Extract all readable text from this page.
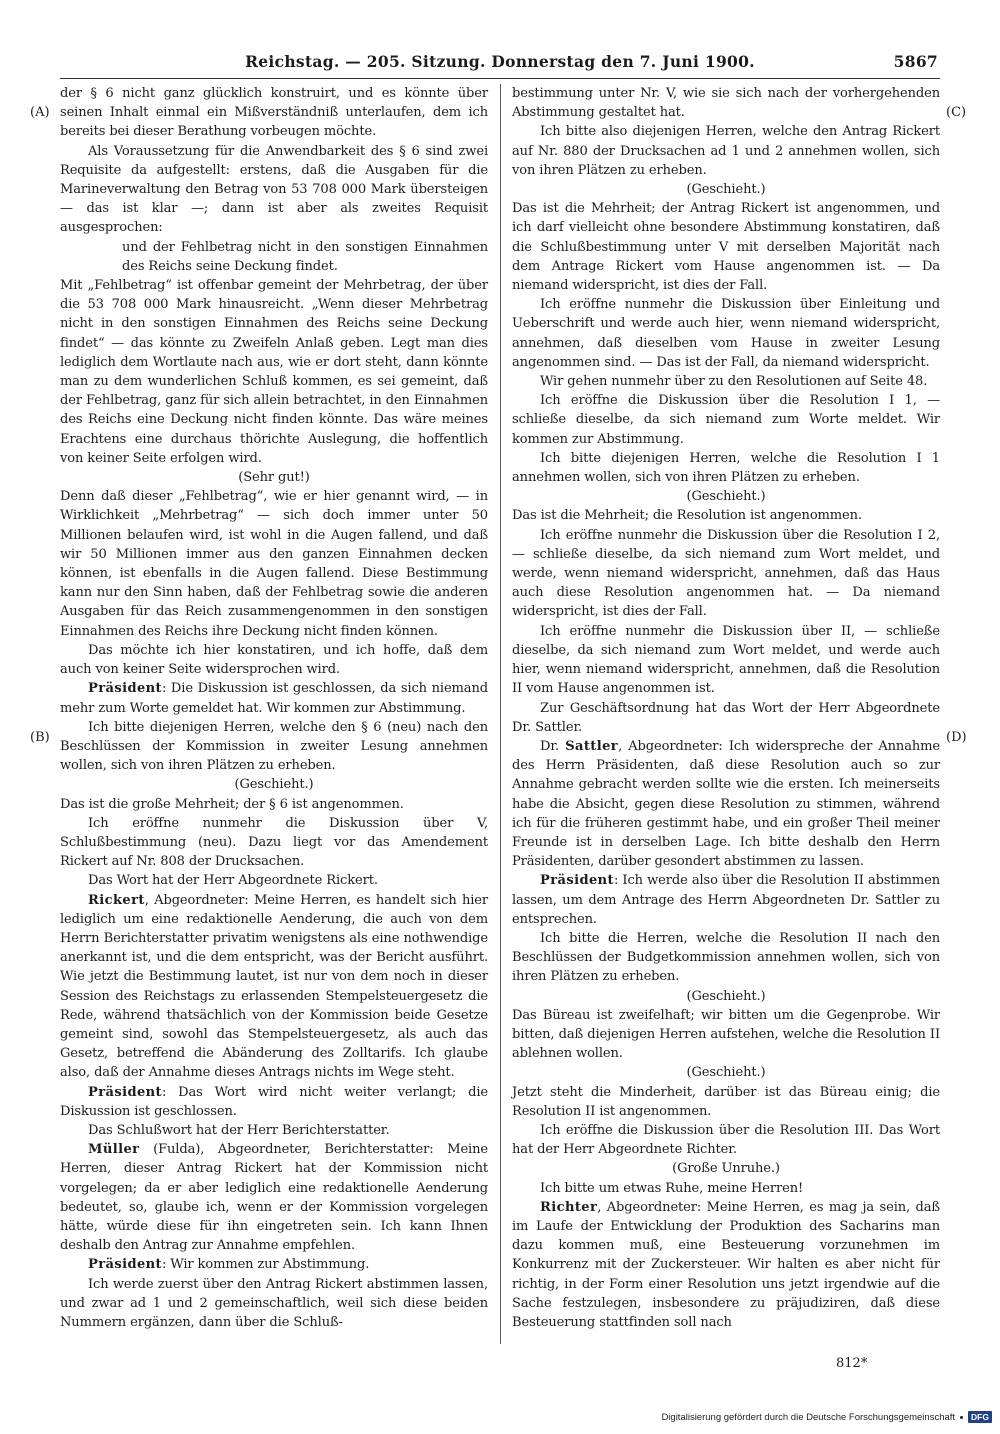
Reichstag. — 205. Sitzung. Donnerstag den 7. Juni 1900.	5867
(A)
(B)
(C)
(D)

der § 6 nicht ganz glücklich konstruirt, und es könnte über seinen Inhalt einmal ein Mißverständniß unterlaufen, dem ich bereits bei dieser Berathung vorbeugen möchte.

Als Voraussetzung für die Anwendbarkeit des § 6 sind zwei Requisite da aufgestellt: erstens, daß die Ausgaben für die Marineverwaltung den Betrag von 53 708 000 Mark übersteigen — das ist klar —; dann ist aber als zweites Requisit ausgesprochen:

und der Fehlbetrag nicht in den sonstigen Einnahmen des Reichs seine Deckung findet.

Mit „Fehlbetrag“ ist offenbar gemeint der Mehrbetrag, der über die 53 708 000 Mark hinausreicht. „Wenn dieser Mehrbetrag nicht in den sonstigen Einnahmen des Reichs seine Deckung findet“ — das könnte zu Zweifeln Anlaß geben. Legt man dies lediglich dem Wortlaute nach aus, wie er dort steht, dann könnte man zu dem wunderlichen Schluß kommen, es sei gemeint, daß der Fehlbetrag, ganz für sich allein betrachtet, in den Einnahmen des Reichs eine Deckung nicht finden könnte. Das wäre meines Erachtens eine durchaus thörichte Auslegung, die hoffentlich von keiner Seite erfolgen wird.

(Sehr gut!)

Denn daß dieser „Fehlbetrag“, wie er hier genannt wird, — in Wirklichkeit „Mehrbetrag“ — sich doch immer unter 50 Millionen belaufen wird, ist wohl in die Augen fallend, und daß wir 50 Millionen immer aus den ganzen Einnahmen decken können, ist ebenfalls in die Augen fallend. Diese Bestimmung kann nur den Sinn haben, daß der Fehlbetrag sowie die anderen Ausgaben für das Reich zusammengenommen in den sonstigen Einnahmen des Reichs ihre Deckung nicht finden können.

Das möchte ich hier konstatiren, und ich hoffe, daß dem auch von keiner Seite widersprochen wird.

Präsident: Die Diskussion ist geschlossen, da sich niemand mehr zum Worte gemeldet hat. Wir kommen zur Abstimmung.

Ich bitte diejenigen Herren, welche den § 6 (neu) nach den Beschlüssen der Kommission in zweiter Lesung annehmen wollen, sich von ihren Plätzen zu erheben.

(Geschieht.)

Das ist die große Mehrheit; der § 6 ist angenommen.

Ich eröffne nunmehr die Diskussion über V, Schlußbestimmung (neu). Dazu liegt vor das Amendement Rickert auf Nr. 808 der Drucksachen.

Das Wort hat der Herr Abgeordnete Rickert.

Rickert, Abgeordneter: Meine Herren, es handelt sich hier lediglich um eine redaktionelle Aenderung, die auch von dem Herrn Berichterstatter privatim wenigstens als eine nothwendige anerkannt ist, und die dem entspricht, was der Bericht ausführt. Wie jetzt die Bestimmung lautet, ist nur von dem noch in dieser Session des Reichstags zu erlassenden Stempelsteuergesetz die Rede, während thatsächlich von der Kommission beide Gesetze gemeint sind, sowohl das Stempelsteuergesetz, als auch das Gesetz, betreffend die Abänderung des Zolltarifs. Ich glaube also, daß der Annahme dieses Antrags nichts im Wege steht.

Präsident: Das Wort wird nicht weiter verlangt; die Diskussion ist geschlossen.

Das Schlußwort hat der Herr Berichterstatter.

Müller (Fulda), Abgeordneter, Berichterstatter: Meine Herren, dieser Antrag Rickert hat der Kommission nicht vorgelegen; da er aber lediglich eine redaktionelle Aenderung bedeutet, so, glaube ich, wenn er der Kommission vorgelegen hätte, würde diese für ihn eingetreten sein. Ich kann Ihnen deshalb den Antrag zur Annahme empfehlen.

Präsident: Wir kommen zur Abstimmung.

Ich werde zuerst über den Antrag Rickert abstimmen lassen, und zwar ad 1 und 2 gemeinschaftlich, weil sich diese beiden Nummern ergänzen, dann über die Schluß-

bestimmung unter Nr. V, wie sie sich nach der vorhergehenden Abstimmung gestaltet hat.

Ich bitte also diejenigen Herren, welche den Antrag Rickert auf Nr. 880 der Drucksachen ad 1 und 2 annehmen wollen, sich von ihren Plätzen zu erheben.

(Geschieht.)

Das ist die Mehrheit; der Antrag Rickert ist angenommen, und ich darf vielleicht ohne besondere Abstimmung konstatiren, daß die Schlußbestimmung unter V mit derselben Majorität nach dem Antrage Rickert vom Hause angenommen ist. — Da niemand widerspricht, ist dies der Fall.

Ich eröffne nunmehr die Diskussion über Einleitung und Ueberschrift und werde auch hier, wenn niemand widerspricht, annehmen, daß dieselben vom Hause in zweiter Lesung angenommen sind. — Das ist der Fall, da niemand widerspricht.

Wir gehen nunmehr über zu den Resolutionen auf Seite 48.

Ich eröffne die Diskussion über die Resolution I 1, — schließe dieselbe, da sich niemand zum Worte meldet. Wir kommen zur Abstimmung.

Ich bitte diejenigen Herren, welche die Resolution I 1 annehmen wollen, sich von ihren Plätzen zu erheben.

(Geschieht.)

Das ist die Mehrheit; die Resolution ist angenommen.

Ich eröffne nunmehr die Diskussion über die Resolution I 2, — schließe dieselbe, da sich niemand zum Wort meldet, und werde, wenn niemand widerspricht, annehmen, daß das Haus auch diese Resolution angenommen hat. — Da niemand widerspricht, ist dies der Fall.

Ich eröffne nunmehr die Diskussion über II, — schließe dieselbe, da sich niemand zum Wort meldet, und werde auch hier, wenn niemand widerspricht, annehmen, daß die Resolution II vom Hause angenommen ist.

Zur Geschäftsordnung hat das Wort der Herr Abgeordnete Dr. Sattler.

Dr. Sattler, Abgeordneter: Ich widerspreche der Annahme des Herrn Präsidenten, daß diese Resolution auch so zur Annahme gebracht werden sollte wie die ersten. Ich meinerseits habe die Absicht, gegen diese Resolution zu stimmen, während ich für die früheren gestimmt habe, und ein großer Theil meiner Freunde ist in derselben Lage. Ich bitte deshalb den Herrn Präsidenten, darüber gesondert abstimmen zu lassen.

Präsident: Ich werde also über die Resolution II abstimmen lassen, um dem Antrage des Herrn Abgeordneten Dr. Sattler zu entsprechen.

Ich bitte die Herren, welche die Resolution II nach den Beschlüssen der Budgetkommission annehmen wollen, sich von ihren Plätzen zu erheben.

(Geschieht.)

Das Büreau ist zweifelhaft; wir bitten um die Gegenprobe. Wir bitten, daß diejenigen Herren aufstehen, welche die Resolution II ablehnen wollen.

(Geschieht.)

Jetzt steht die Minderheit, darüber ist das Büreau einig; die Resolution II ist angenommen.

Ich eröffne die Diskussion über die Resolution III. Das Wort hat der Herr Abgeordnete Richter.

(Große Unruhe.)

Ich bitte um etwas Ruhe, meine Herren!

Richter, Abgeordneter: Meine Herren, es mag ja sein, daß im Laufe der Entwicklung der Produktion des Sacharins man dazu kommen muß, eine Besteuerung vorzunehmen im Konkurrenz mit der Zuckersteuer. Wir halten es aber nicht für richtig, in der Form einer Resolution uns jetzt irgendwie auf die Sache festzulegen, insbesondere zu präjudiziren, daß diese Besteuerung stattfinden soll nach

812*
Digitalisierung gefördert durch die Deutsche Forschungsgemeinschaft	DFG
